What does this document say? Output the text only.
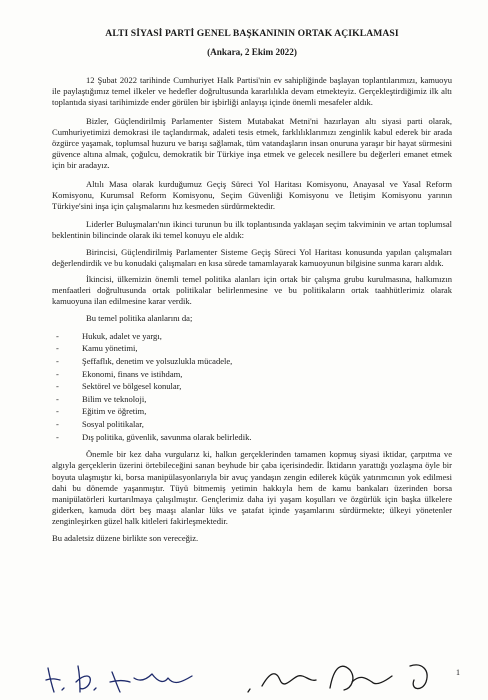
ALTI SİYASİ PARTİ GENEL BAŞKANININ ORTAK AÇIKLAMASI
(Ankara, 2 Ekim 2022)

12 Şubat 2022 tarihinde Cumhuriyet Halk Partisi'nin ev sahipliğinde başlayan toplantılarımızı, kamuoyu ile paylaştığımız temel ilkeler ve hedefler doğrultusunda kararlılıkla devam etmekteyiz. Gerçekleştirdiğimiz ilk altı toplantıda siyasi tarihimizde ender görülen bir işbirliği anlayışı içinde önemli mesafeler aldık.

Bizler, Güçlendirilmiş Parlamenter Sistem Mutabakat Metni'ni hazırlayan altı siyasi parti olarak, Cumhuriyetimizi demokrasi ile taçlandırmak, adaleti tesis etmek, farklılıklarımızı zenginlik kabul ederek bir arada özgürce yaşamak, toplumsal huzuru ve barışı sağlamak, tüm vatandaşların insan onuruna yaraşır bir hayat sürmesini güvence altına almak, çoğulcu, demokratik bir Türkiye inşa etmek ve gelecek nesillere bu değerleri emanet etmek için bir aradayız.

Altılı Masa olarak kurduğumuz Geçiş Süreci Yol Haritası Komisyonu, Anayasal ve Yasal Reform Komisyonu, Kurumsal Reform Komisyonu, Seçim Güvenliği Komisyonu ve İletişim Komisyonu yarının Türkiye'sini inşa için çalışmalarını hız kesmeden sürdürmektedir.

Liderler Buluşmaları'nın ikinci turunun bu ilk toplantısında yaklaşan seçim takviminin ve artan toplumsal beklentinin bilincinde olarak iki temel konuyu ele aldık:

Birincisi, Güçlendirilmiş Parlamenter Sisteme Geçiş Süreci Yol Haritası konusunda yapılan çalışmaları değerlendirdik ve bu konudaki çalışmaları en kısa sürede tamamlayarak kamuoyunun bilgisine sunma kararı aldık.

İkincisi, ülkemizin önemli temel politika alanları için ortak bir çalışma grubu kurulmasına, halkımızın menfaatleri doğrultusunda ortak politikalar belirlenmesine ve bu politikaların ortak taahhütlerimiz olarak kamuoyuna ilan edilmesine karar verdik.

Bu temel politika alanlarını da;

- Hukuk, adalet ve yargı,
- Kamu yönetimi,
- Şeffaflık, denetim ve yolsuzlukla mücadele,
- Ekonomi, finans ve istihdam,
- Sektörel ve bölgesel konular,
- Bilim ve teknoloji,
- Eğitim ve öğretim,
- Sosyal politikalar,
- Dış politika, güvenlik, savunma olarak belirledik.

Önemle bir kez daha vurgularız ki, halkın gerçeklerinden tamamen kopmuş siyasi iktidar, çarpıtma ve algıyla gerçeklerin üzerini örtebileceğini sanan beyhude bir çaba içerisindedir. İktidarın yarattığı yozlaşma öyle bir boyuta ulaşmıştır ki, borsa manipülasyonlarıyla bir avuç yandaşın zengin edilerek küçük yatırımcının yok edilmesi dahi bu dönemde yaşanmıştır. Tüyü bitmemiş yetimin hakkıyla hem de kamu bankaları üzerinden borsa manipülatörleri kurtarılmaya çalışılmıştır. Gençlerimiz daha iyi yaşam koşulları ve özgürlük için başka ülkelere giderken, kamuda dört beş maaşı alanlar lüks ve şatafat içinde yaşamlarını sürdürmekte; ülkeyi yönetenler zenginleşirken güzel halk kitleleri fakirleşmektedir.

Bu adaletsiz düzene birlikte son vereceğiz.

1
